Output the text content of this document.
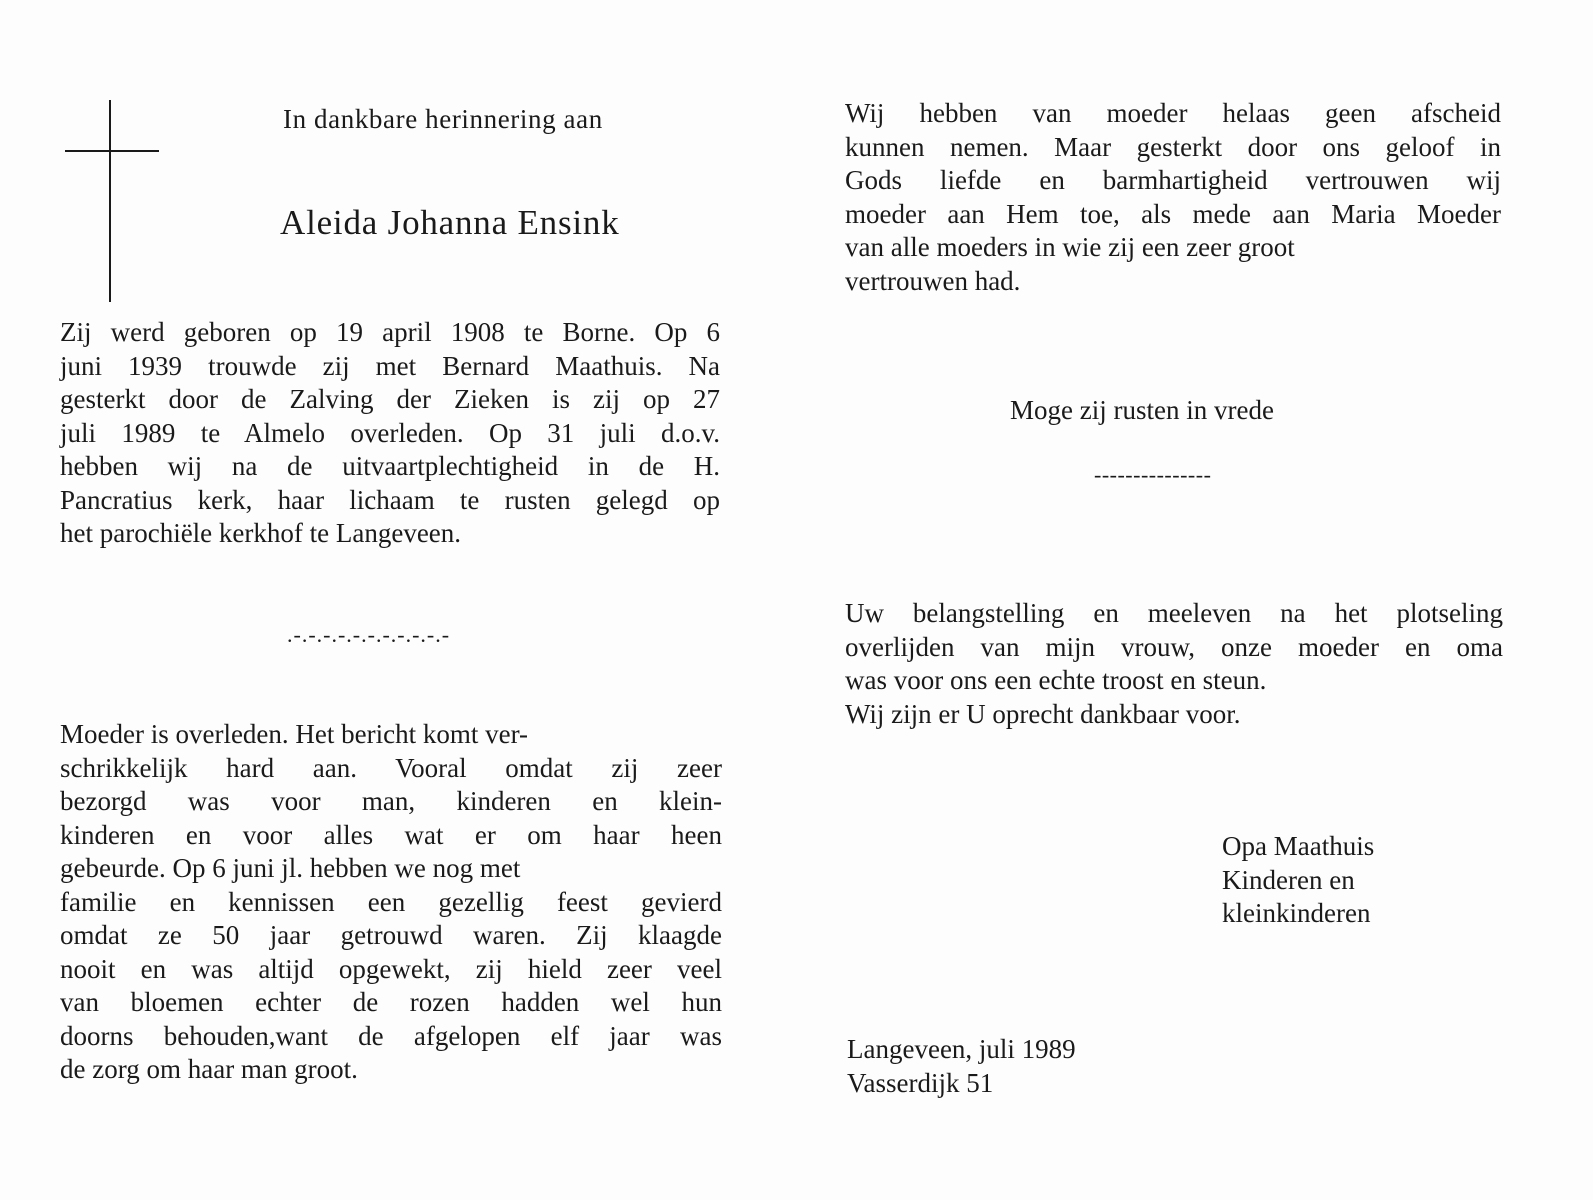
In dankbare herinnering aan
Aleida Johanna Ensink
Zij werd geboren op 19 april 1908 te Borne. Op 6
juni 1939 trouwde zij met Bernard Maathuis. Na
gesterkt door de Zalving der Zieken is zij op 27
juli 1989 te Almelo overleden. Op 31 juli d.o.v.
hebben wij na de uitvaartplechtigheid in de H.
Pancratius kerk, haar lichaam te rusten gelegd op
het parochiële kerkhof te Langeveen.
.-.-.-.-.-.-.-.-.-.-.-
Moeder is overleden. Het bericht komt ver-
schrikkelijk hard aan. Vooral omdat zij zeer
bezorgd was voor man, kinderen en klein-
kinderen en voor alles wat er om haar heen
gebeurde. Op 6 juni jl. hebben we nog met
familie en kennissen een gezellig feest gevierd
omdat ze 50 jaar getrouwd waren. Zij klaagde
nooit en was altijd opgewekt, zij hield zeer veel
van bloemen echter de rozen hadden wel hun
doorns behouden,want de afgelopen elf jaar was
de zorg om haar man groot.
Wij hebben van moeder helaas geen afscheid
kunnen nemen. Maar gesterkt door ons geloof in
Gods liefde en barmhartigheid vertrouwen wij
moeder aan Hem toe, als mede aan Maria Moeder
van alle moeders in wie zij een zeer groot
vertrouwen had.
Moge zij rusten in vrede
---------------
Uw belangstelling en meeleven na het plotseling
overlijden van mijn vrouw, onze moeder en oma
was voor ons een echte troost en steun.
Wij zijn er U oprecht dankbaar voor.
Opa Maathuis
Kinderen en
kleinkinderen
Langeveen, juli 1989
Vasserdijk 51
